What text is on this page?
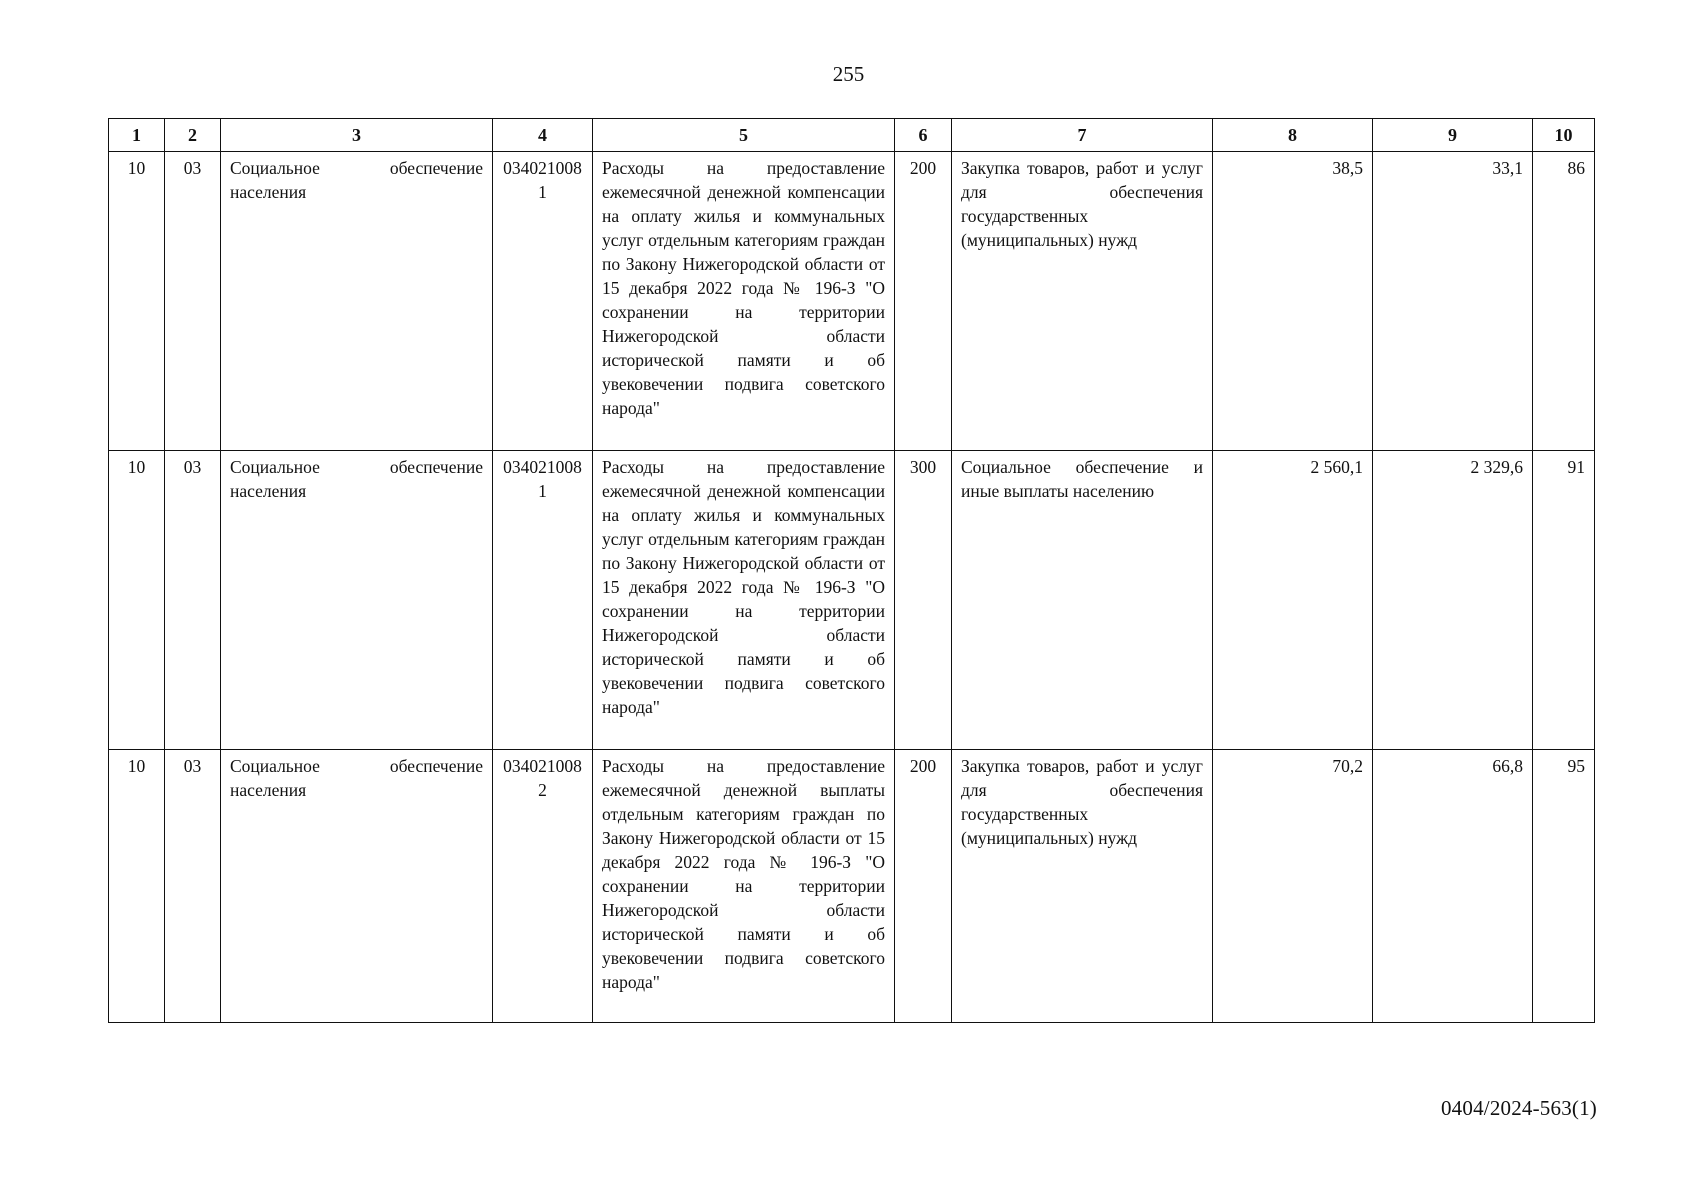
255
1	2	3	4	5	6	7	8	9	10
10	03	Социальное обеспечение населения	0340210081	Расходы на предоставление ежемесячной денежной компенсации на оплату жилья и коммунальных услуг отдельным категориям граждан по Закону Нижегородской области от 15 декабря 2022 года № 196-З "О сохранении на территории Нижегородской области исторической памяти и об увековечении подвига советского народа"	200	Закупка товаров, работ и услуг для обеспечения государственных (муниципальных) нужд	38,5	33,1	86
10	03	Социальное обеспечение населения	0340210081	Расходы на предоставление ежемесячной денежной компенсации на оплату жилья и коммунальных услуг отдельным категориям граждан по Закону Нижегородской области от 15 декабря 2022 года № 196-З "О сохранении на территории Нижегородской области исторической памяти и об увековечении подвига советского народа"	300	Социальное обеспечение и иные выплаты населению	2 560,1	2 329,6	91
10	03	Социальное обеспечение населения	0340210082	Расходы на предоставление ежемесячной денежной выплаты отдельным категориям граждан по Закону Нижегородской области от 15 декабря 2022 года № 196-З "О сохранении на территории Нижегородской области исторической памяти и об увековечении подвига советского народа"	200	Закупка товаров, работ и услуг для обеспечения государственных (муниципальных) нужд	70,2	66,8	95
0404/2024-563(1)
